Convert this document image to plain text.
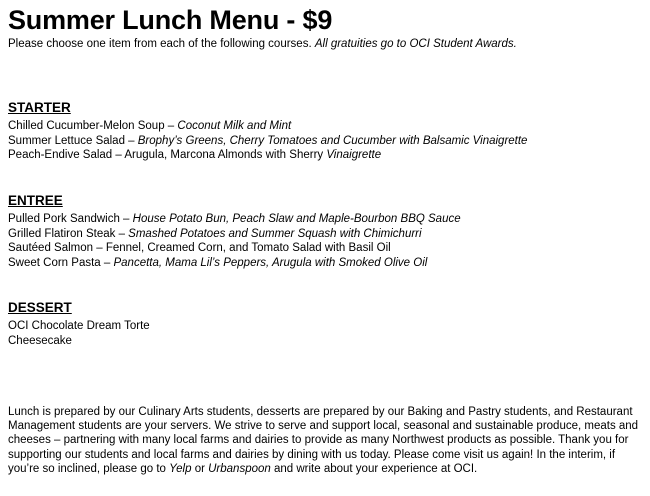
Summer Lunch Menu - $9

Please choose one item from each of the following courses. All gratuities go to OCI Student Awards.

STARTER
Chilled Cucumber-Melon Soup – Coconut Milk and Mint
Summer Lettuce Salad – Brophy’s Greens, Cherry Tomatoes and Cucumber with Balsamic Vinaigrette
Peach-Endive Salad – Arugula, Marcona Almonds with Sherry Vinaigrette
ENTREE
Pulled Pork Sandwich – House Potato Bun, Peach Slaw and Maple-Bourbon BBQ Sauce
Grilled Flatiron Steak – Smashed Potatoes and Summer Squash with Chimichurri
Sautéed Salmon – Fennel, Creamed Corn, and Tomato Salad with Basil Oil
Sweet Corn Pasta – Pancetta, Mama Lil’s Peppers, Arugula with Smoked Olive Oil
DESSERT
OCI Chocolate Dream Torte
Cheesecake
Lunch is prepared by our Culinary Arts students, desserts are prepared by our Baking and Pastry students, and Restaurant Management students are your servers. We strive to serve and support local, seasonal and sustainable produce, meats and cheeses – partnering with many local farms and dairies to provide as many Northwest products as possible. Thank you for supporting our students and local farms and dairies by dining with us today. Please come visit us again! In the interim, if you’re so inclined, please go to Yelp or Urbanspoon and write about your experience at OCI.
